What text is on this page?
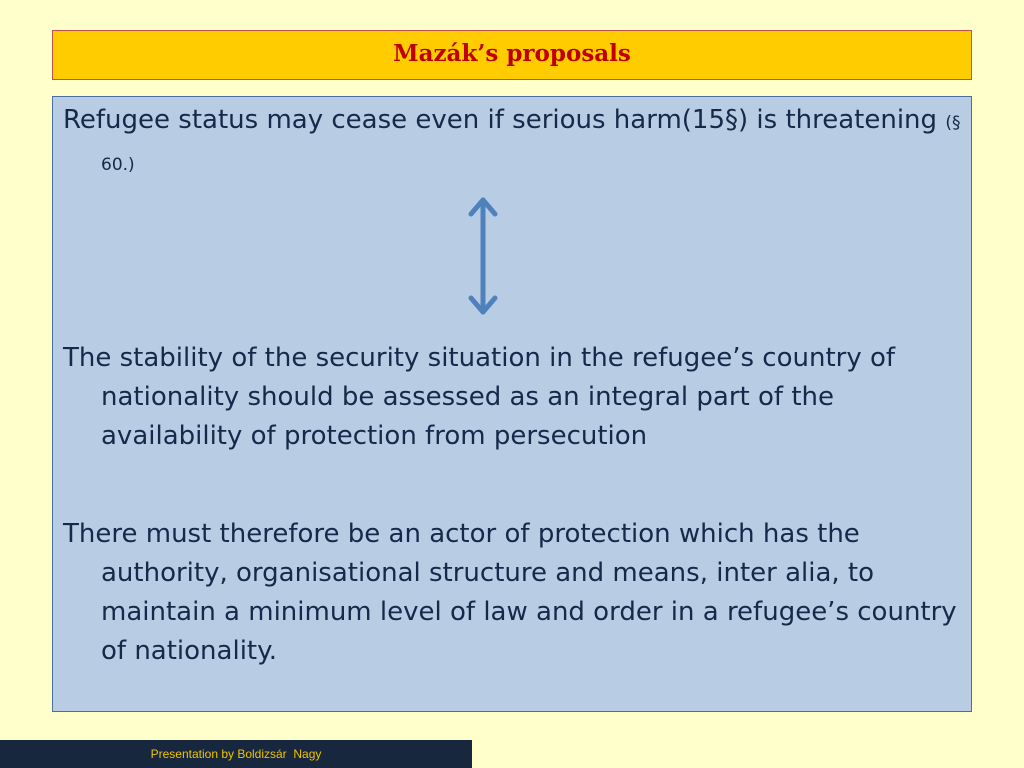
Mazák’s proposals

Refugee status may cease even if serious harm(15§) is threatening (§ 60.)

The stability of the security situation in the refugee’s country of nationality should be assessed as an integral part of the availability of protection from persecution

There must therefore be an actor of protection which has the authority, organisational structure and means, inter alia, to maintain a minimum level of law and order in a refugee’s country of nationality.

Presentation by Boldizsár  Nagy
